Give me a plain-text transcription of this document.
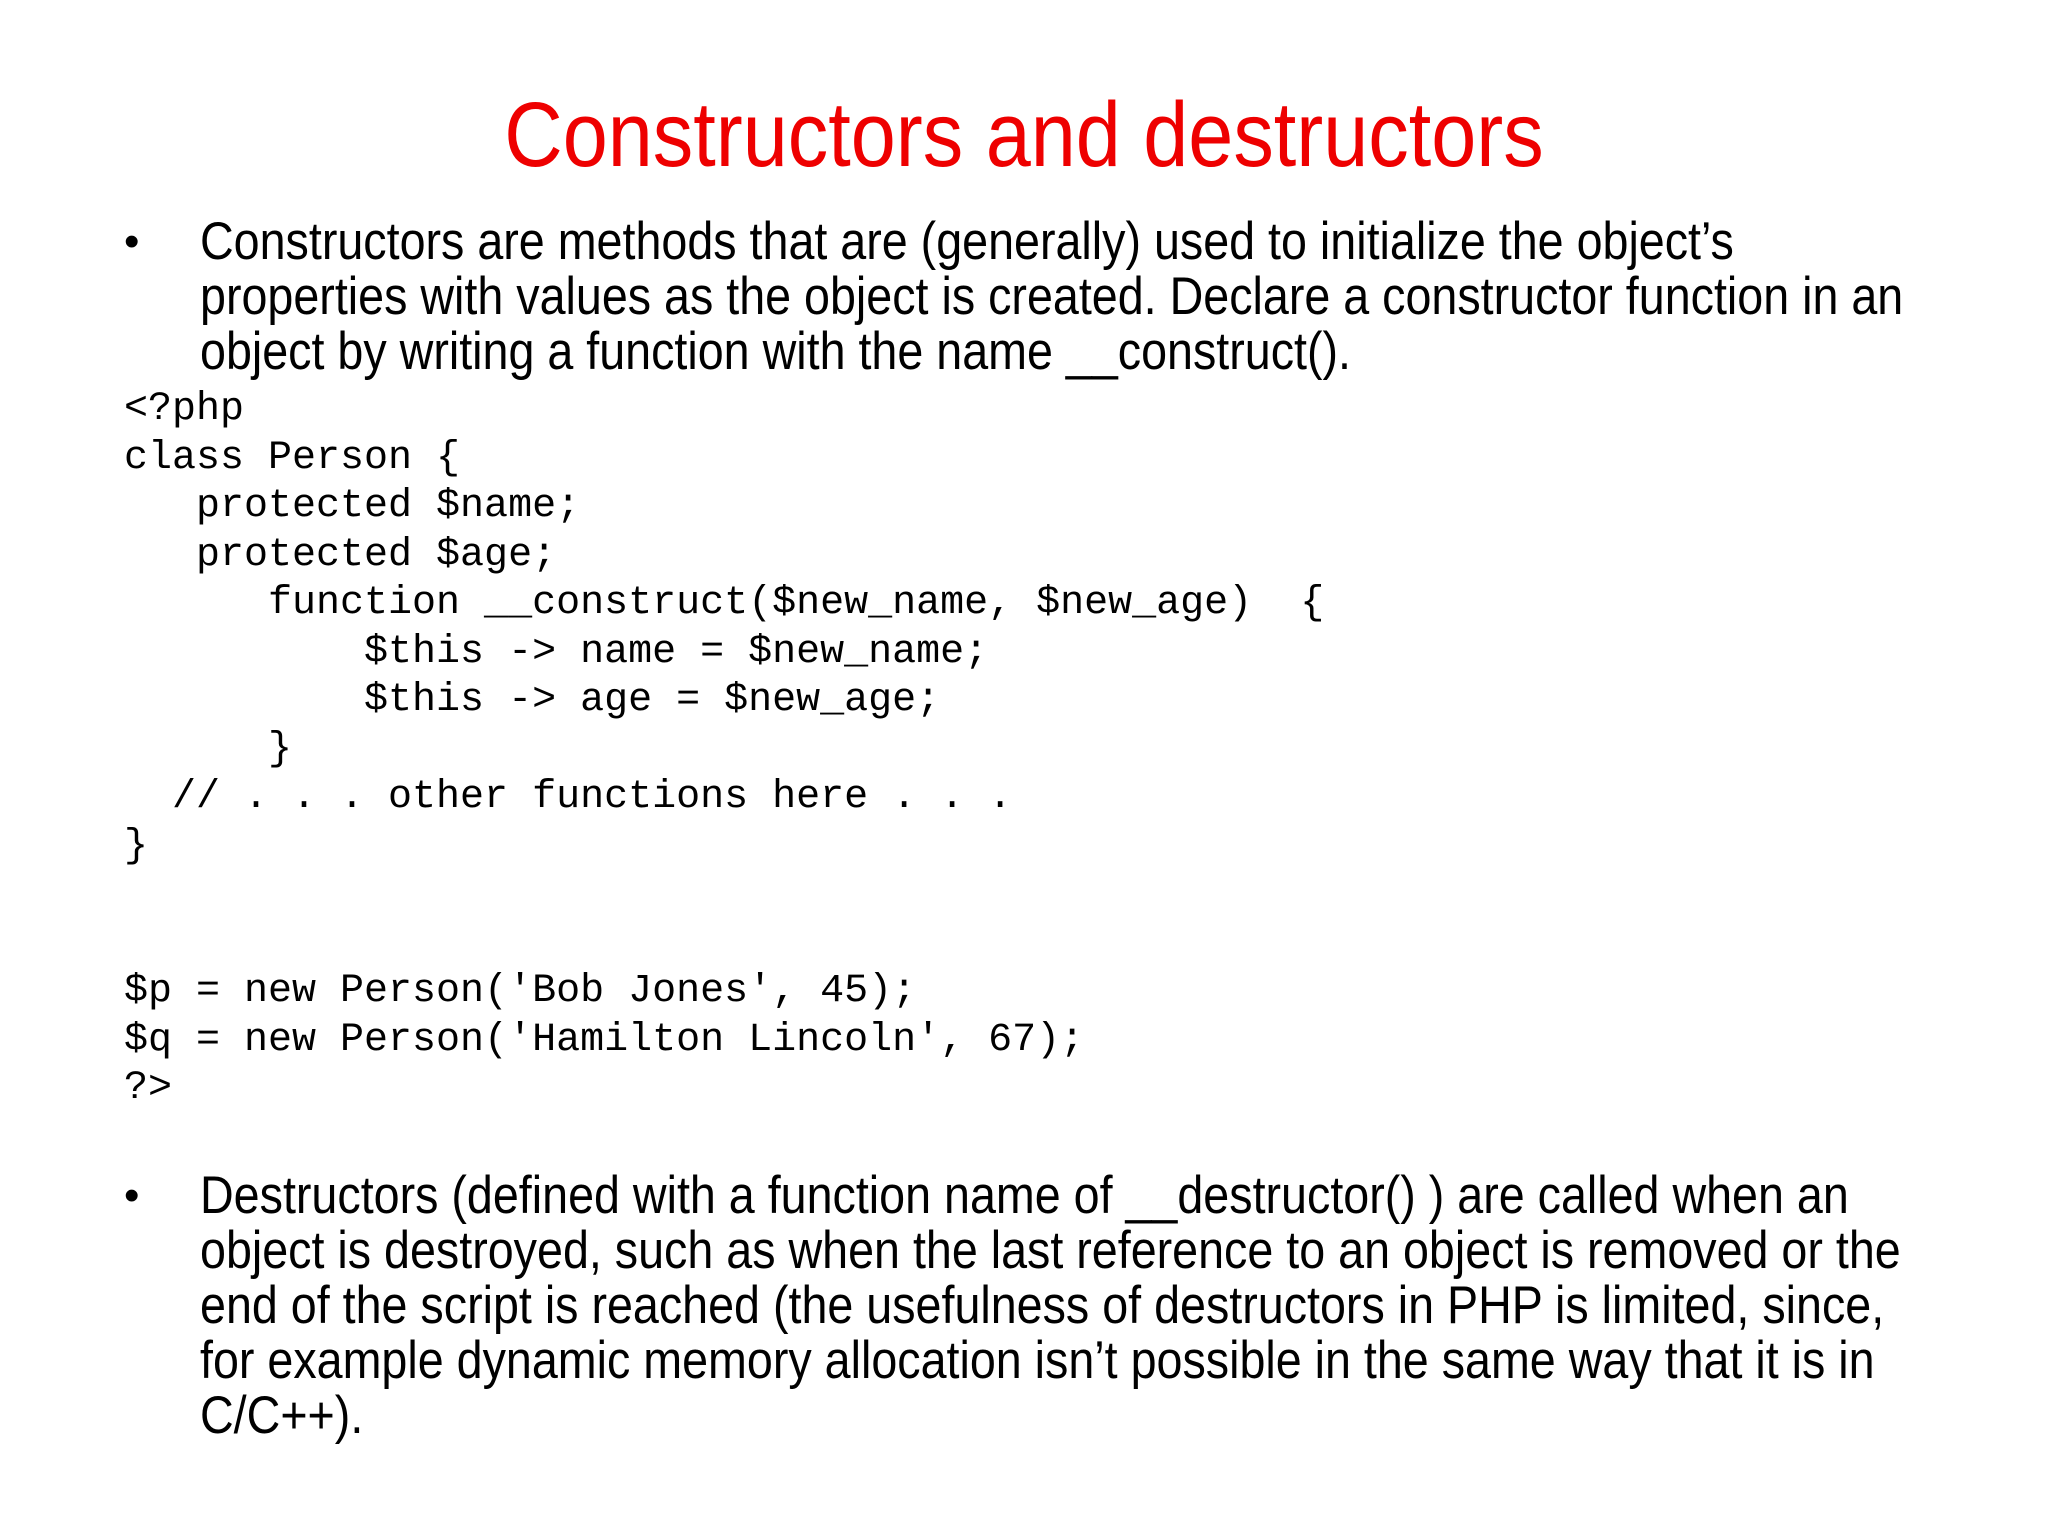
Constructors and destructors
•	Constructors are methods that are (generally) used to initialize the object’s
properties with values as the object is created. Declare a constructor function in an
object by writing a function with the name __construct().
<?php
class Person {
protected $name;
protected $age;
function __construct($new_name, $new_age)  {
$this -> name = $new_name;
$this -> age = $new_age;
}
// . . . other functions here . . .
}
$p = new Person('Bob Jones', 45);
$q = new Person('Hamilton Lincoln', 67);
?>
•	Destructors (defined with a function name of __destructor() ) are called when an
object is destroyed, such as when the last reference to an object is removed or the
end of the script is reached (the usefulness of destructors in PHP is limited, since,
for example dynamic memory allocation isn’t possible in the same way that it is in
C/C++).
